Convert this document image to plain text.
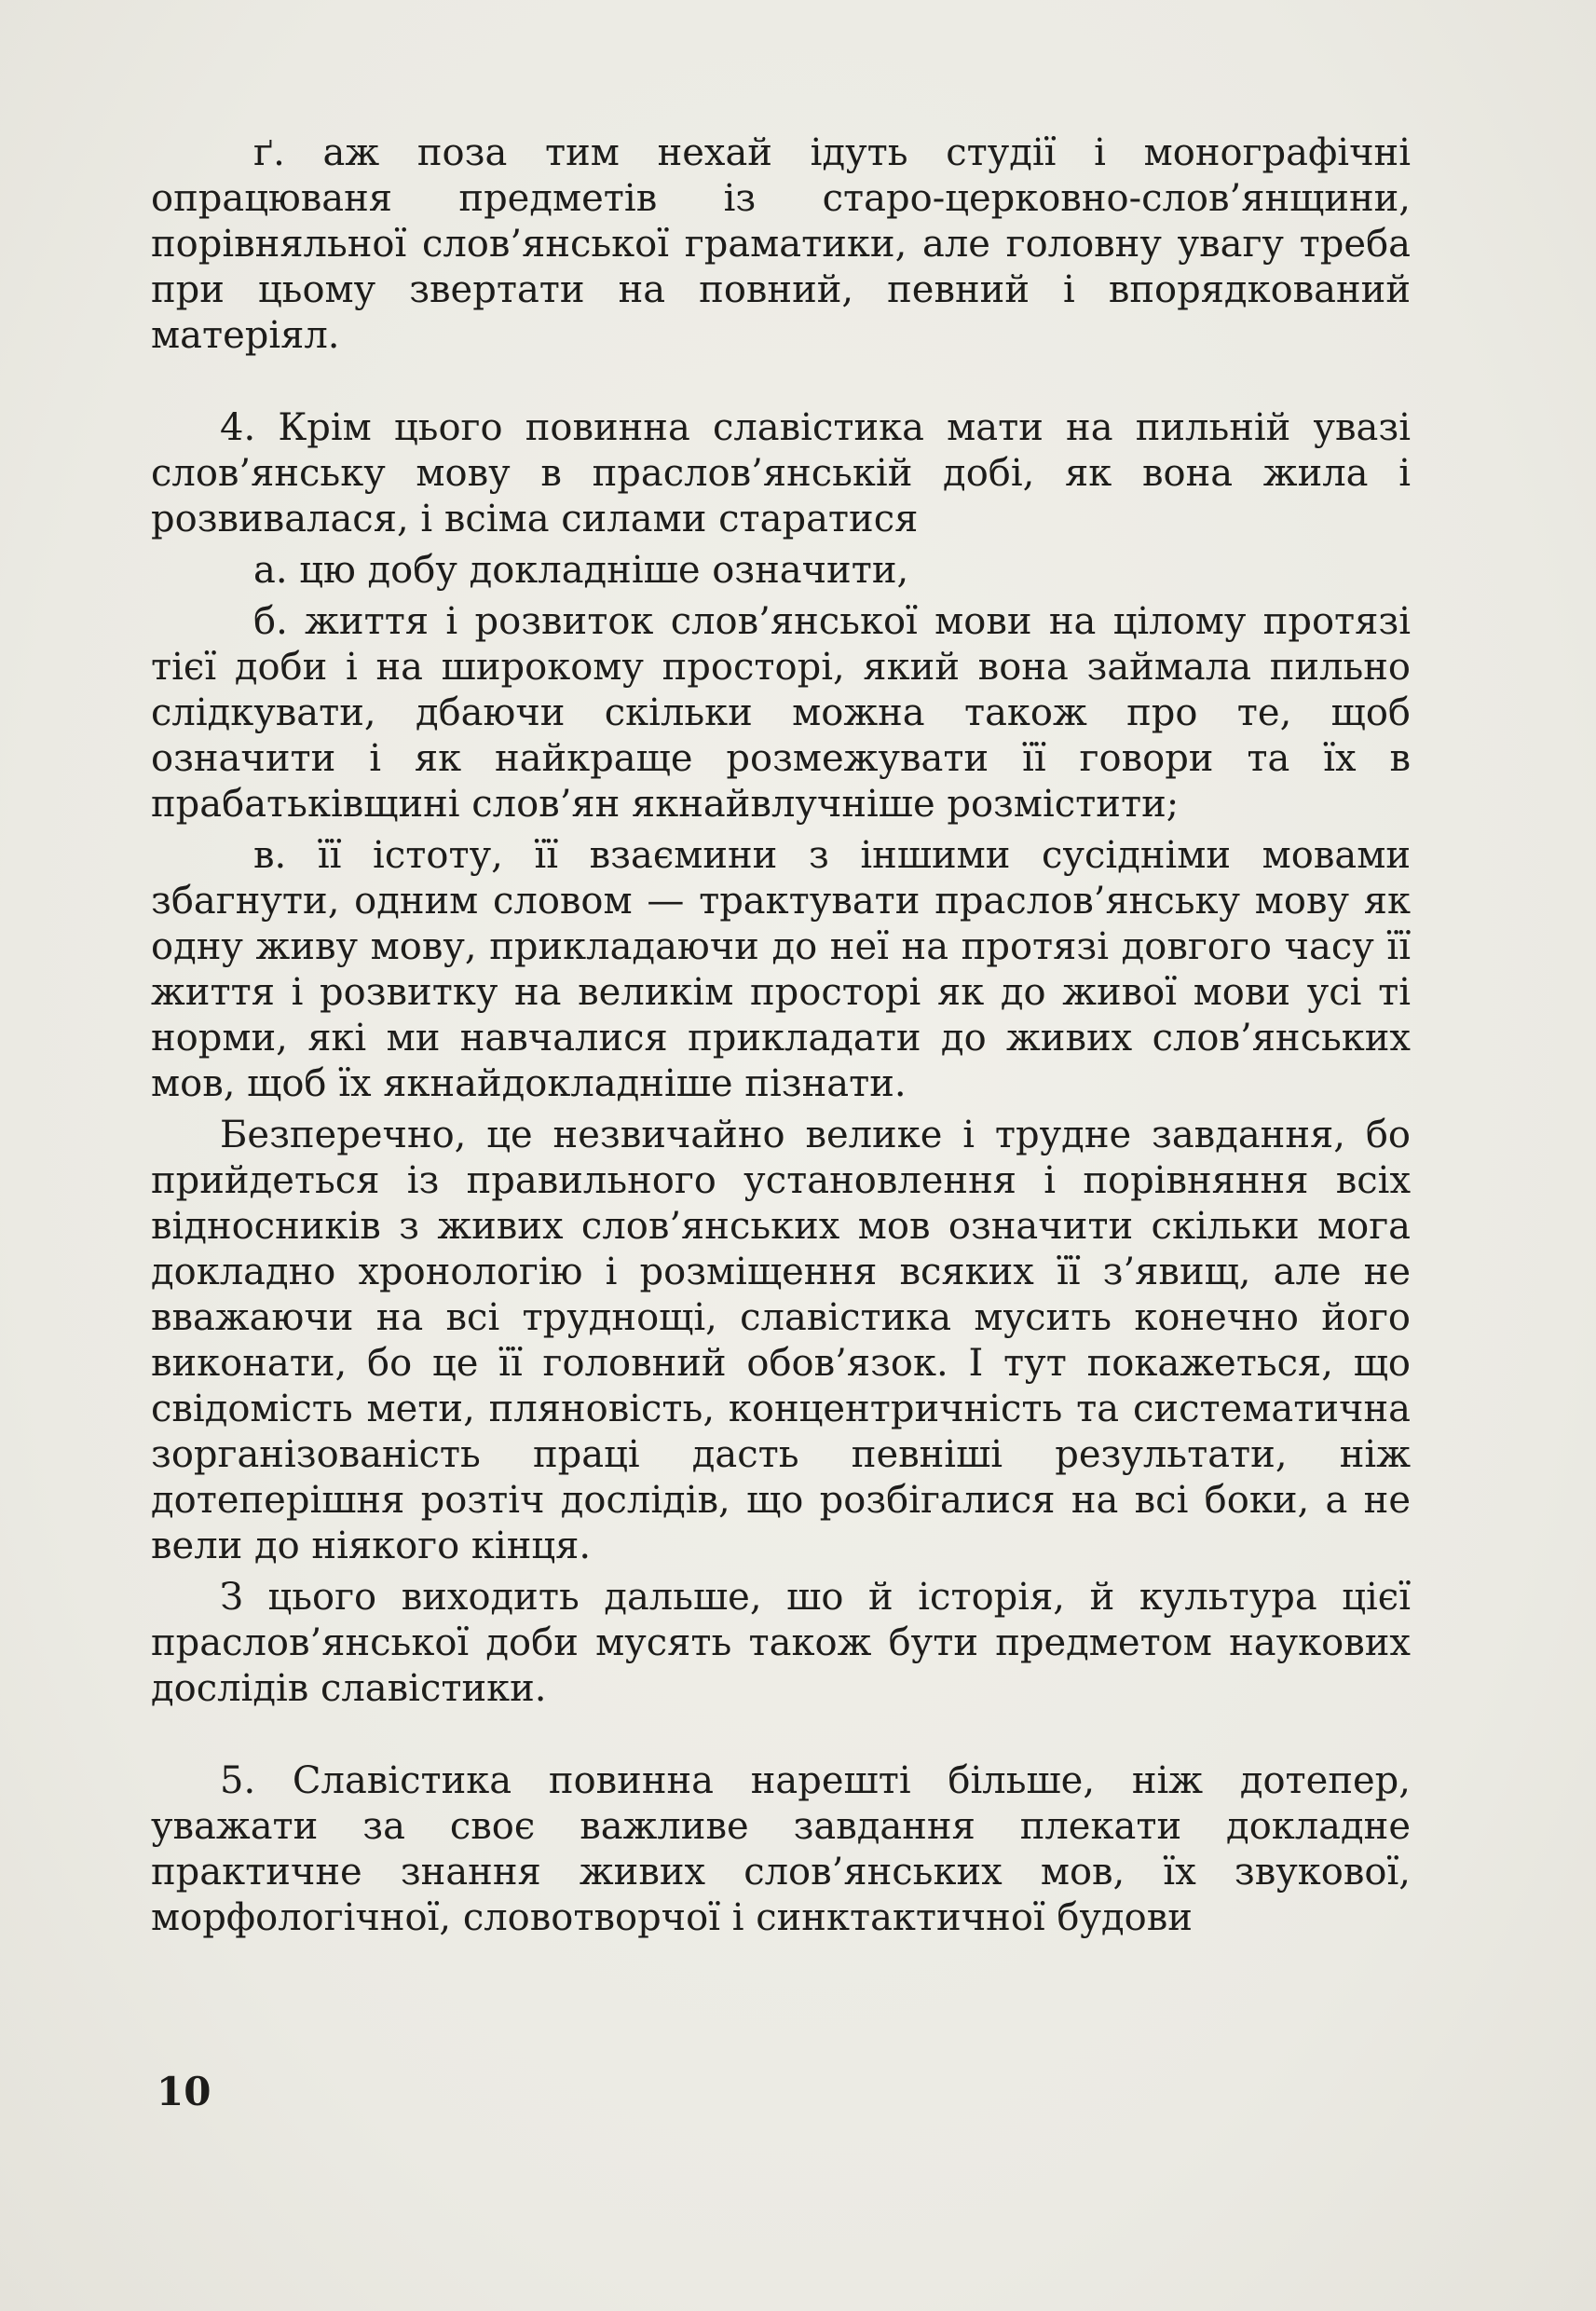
ґ. аж поза тим нехай ідуть студії і монографічні опрацюваня предметів із старо-церковно-слов’янщини, порівняльної слов’янської граматики, але головну увагу треба при цьому звертати на повний, певний і впорядкований матеріял.

4. Крім цього повинна славістика мати на пильній увазі слов’янську мову в праслов’янській добі, як вона жила і розвивалася, і всіма силами старатися

а. цю добу докладніше означити,

б. життя і розвиток слов’янської мови на цілому протязі тієї доби і на широкому просторі, який вона займала пильно слідкувати, дбаючи скільки можна також про те, щоб означити і як найкраще розмежувати її говори та їх в прабатьківщині слов’ян якнайвлучніше розмістити;

в. її істоту, її взаємини з іншими сусідніми мовами збагнути, одним словом — трактувати праслов’янську мову як одну живу мову, прикладаючи до неї на протязі довгого часу її життя і розвитку на великім просторі як до живої мови усі ті норми, які ми навчалися прикладати до живих слов’янських мов, щоб їх якнайдокладніше пізнати.

Безперечно, це незвичайно велике і трудне завдання, бо прийдеться із правильного установлення і порівняння всіх відносників з живих слов’янських мов означити скільки мога докладно хронологію і розміщення всяких її з’явищ, але не вважаючи на всі труднощі, славістика мусить конечно його виконати, бо це її головний обов’язок. І тут покажеться, що свідомість мети, пляновість, концентричність та систематична зорганізованість праці дасть певніші результати, ніж дотеперішня розтіч дослідів, що розбігалися на всі боки, а не вели до ніякого кінця.

З цього виходить дальше, шо й історія, й культура цієї праслов’янської доби мусять також бути предметом наукових дослідів славістики.

5. Славістика повинна нарешті більше, ніж дотепер, уважати за своє важливе завдання плекати докладне практичне знання живих слов’янських мов, їх звукової, морфологічної, словотворчої і синктактичної будови

10
